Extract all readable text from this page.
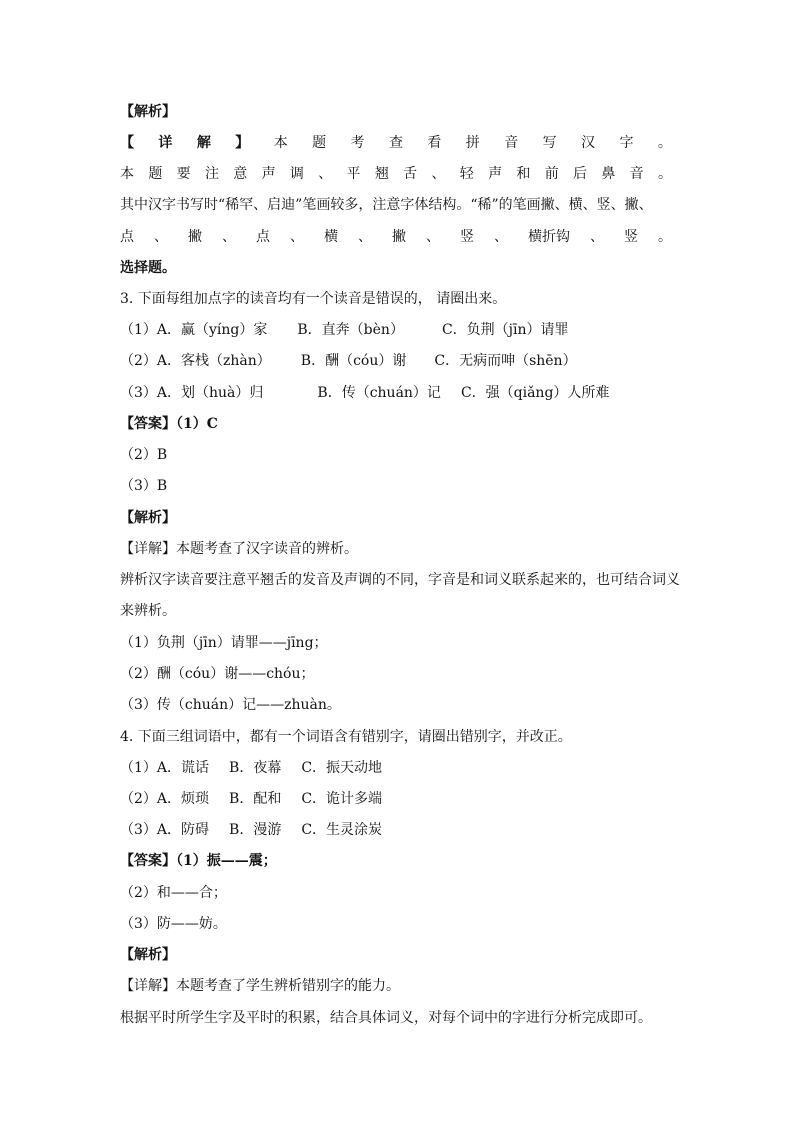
【解析】
【 详 解 】 本 题 考 查 看 拼 音 写 汉 字 。
本 题 要 注 意 声 调 、 平 翘 舌 、 轻 声 和 前 后 鼻 音 。
其中汉字书写时“稀罕、启迪”笔画较多，注意字体结构。“稀”的笔画撇、横、竖、撇、
点 、 撇 、 点 、 横 、 撇 、 竖 、 横折钩 、 竖 。
选择题。
3. 下面每组加点字的读音均有一个读音是错误的， 请圈出来。
（1）A．赢（yíng）家 B．直奔（bèn）	C．负荆（jīn）请罪
（2）A．客栈（zhàn） B．酬（cóu）谢 C．无病而呻（shēn）
（3）A．划（huà）归	B．传（chuán）记 C．强（qiǎng）人所难
【答案】（1）C
（2）B
（3）B
【解析】
【详解】本题考查了汉字读音的辨析。
辨析汉字读音要注意平翘舌的发音及声调的不同，字音是和词义联系起来的，也可结合词义
来辨析。
（1）负荆（jīn）请罪——jīng；
（2）酬（cóu）谢——chóu；
（3）传（chuán）记——zhuàn。
4. 下面三组词语中，都有一个词语含有错别字，请圈出错别字，并改正。
（1）A．谎话 B．夜幕 C．振天动地
（2）A．烦琐 B．配和 C．诡计多端
（3）A．防碍 B．漫游 C．生灵涂炭
【答案】（1）振——震；
（2）和——合；
（3）防——妨。
【解析】
【详解】本题考查了学生辨析错别字的能力。
根据平时所学生字及平时的积累，结合具体词义，对每个词中的字进行分析完成即可。
